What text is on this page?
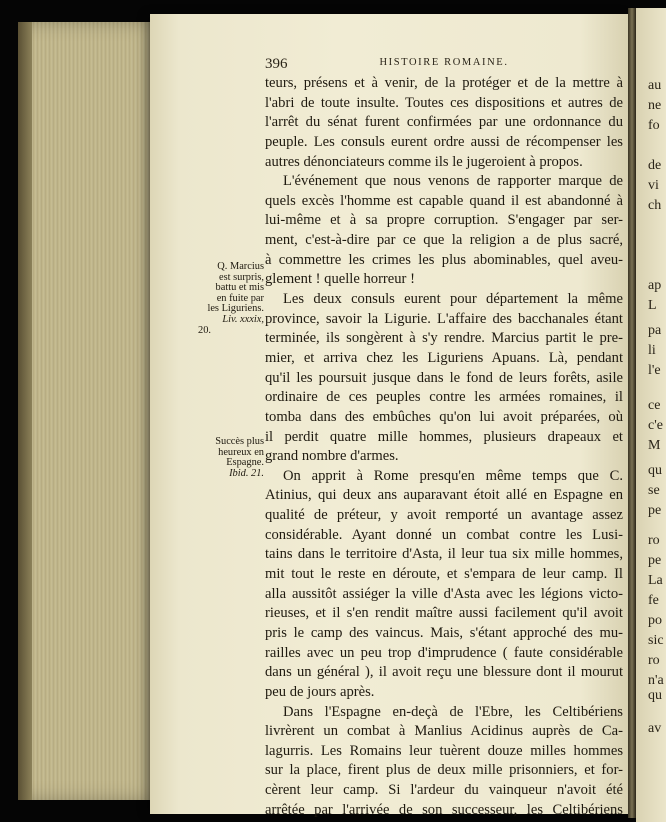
au
ne
fo
de
vi
ch
ap
L
pa
li
l'e
ce
c'e
M
qu
se
pe
ro
pe
La
fe
po
sic
ro
n'a
qu
av
396	HISTOIRE ROMAINE.
teurs, présens et à venir, de la protéger et de la mettre à
l'abri de toute insulte. Toutes ces dispositions et autres de
l'arrêt du sénat furent confirmées par une ordonnance du
peuple. Les consuls eurent ordre aussi de récompenser les
autres dénonciateurs comme ils le jugeroient à propos.
L'événement que nous venons de rapporter marque de
quels excès l'homme est capable quand il est abandonné à
lui-même et à sa propre corruption. S'engager par ser-
ment, c'est-à-dire par ce que la religion a de plus sacré,
à commettre les crimes les plus abominables, quel aveu-
glement ! quelle horreur !
Les deux consuls eurent pour département la même
province, savoir la Ligurie. L'affaire des bacchanales étant
terminée, ils songèrent à s'y rendre. Marcius partit le pre-
mier, et arriva chez les Liguriens Apuans. Là, pendant
qu'il les poursuit jusque dans le fond de leurs forêts, asile
ordinaire de ces peuples contre les armées romaines, il
tomba dans des embûches qu'on lui avoit préparées, où
il perdit quatre mille hommes, plusieurs drapeaux et
grand nombre d'armes.
On apprit à Rome presqu'en même temps que C.
Atinius, qui deux ans auparavant étoit allé en Espagne en
qualité de préteur, y avoit remporté un avantage assez
considérable. Ayant donné un combat contre les Lusi-
tains dans le territoire d'Asta, il leur tua six mille hommes,
mit tout le reste en déroute, et s'empara de leur camp. Il
alla aussitôt assiéger la ville d'Asta avec les légions victo-
rieuses, et il s'en rendit maître aussi facilement qu'il avoit
pris le camp des vaincus. Mais, s'étant approché des mu-
railles avec un peu trop d'imprudence ( faute considérable
dans un général ), il avoit reçu une blessure dont il mourut
peu de jours après.
Dans l'Espagne en-deçà de l'Ebre, les Celtibériens
livrèrent un combat à Manlius Acidinus auprès de Ca-
lagurris. Les Romains leur tuèrent douze milles hommes
sur la place, firent plus de deux mille prisonniers, et for-
cèrent leur camp. Si l'ardeur du vainqueur n'avoit été
arrêtée par l'arrivée de son successeur, les Celtibériens
Q. Marcius
est surpris,
battu et mis
en fuite par
les Liguriens.
Liv. xxxix,
20.
Succès plus
heureux en
Espagne.
Ibid. 21.
